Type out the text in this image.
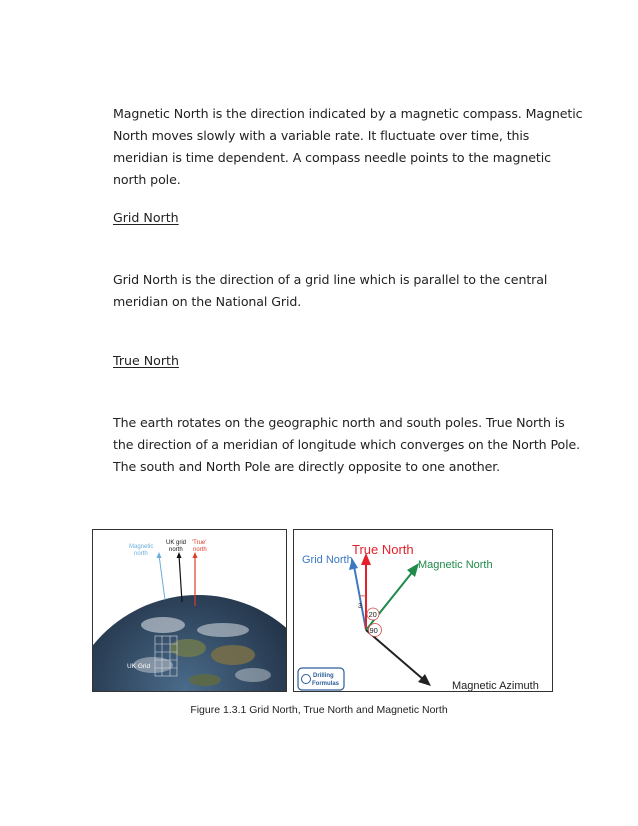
Magnetic North is the direction indicated by a magnetic compass. Magnetic North moves slowly with a variable rate. It fluctuate over time, this meridian is time dependent. A compass needle points to the magnetic north pole.

Grid North

Grid North is the direction of a grid line which is parallel to the central meridian on the National Grid.

True North

The earth rotates on the geographic north and south poles. True North is the direction of a meridian of longitude which converges on the North Pole. The south and North Pole are directly opposite to one another.

UK Grid
Magnetic
north
UK grid
north
'True'
north
3
20
90
Grid North
True North
Magnetic North
Magnetic Azimuth
Drilling
Formulas
Figure 1.3.1 Grid North, True North and Magnetic North
